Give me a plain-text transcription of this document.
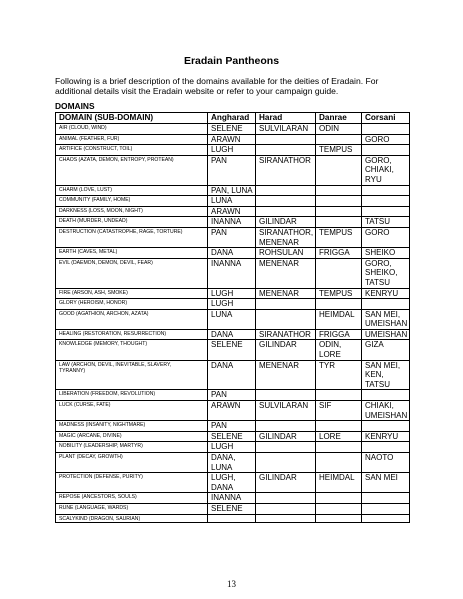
Eradain Pantheons
Following is a brief description of the domains available for the deities of Eradain. For
additional details visit the Eradain website or refer to your campaign guide.
DOMAINS
DOMAIN (SUB-DOMAIN)	Angharad	Harad	Danrae	Corsani
AIR (CLOUD, WIND)	SELENE	SULVILARAN	ODIN	
ANIMAL (FEATHER, FUR)	ARAWN			GORO
ARTIFICE (CONSTRUCT, TOIL)	LUGH		TEMPUS	
CHAOS (AZATA, DEMON, ENTROPY, PROTEAN)	PAN	SIRANATHOR		GORO,
CHIAKI,
RYU
CHARM (LOVE, LUST)	PAN, LUNA			
COMMUNITY (FAMILY, HOME)	LUNA			
DARKNESS (LOSS, MOON, NIGHT)	ARAWN			
DEATH (MURDER, UNDEAD)	INANNA	GILINDAR		TATSU
DESTRUCTION (CATASTROPHE, RAGE, TORTURE)	PAN	SIRANATHOR,
MENENAR	TEMPUS	GORO
EARTH (CAVES, METAL)	DANA	ROHSULAN	FRIGGA	SHEIKO
EVIL (DAEMON, DEMON, DEVIL, FEAR)	INANNA	MENENAR		GORO,
SHEIKO,
TATSU
FIRE (ARSON, ASH, SMOKE)	LUGH	MENENAR	TEMPUS	KENRYU
GLORY (HEROISM, HONOR)	LUGH			
GOOD (AGATHION, ARCHON, AZATA)	LUNA		HEIMDAL	SAN MEI,
UMEISHAN
HEALING (RESTORATION, RESURRECTION)	DANA	SIRANATHOR	FRIGGA	UMEISHAN
KNOWLEDGE (MEMORY, THOUGHT)	SELENE	GILINDAR	ODIN,
LORE	GIZA
LAW (ARCHON, DEVIL, INEVITABLE, SLAVERY,
TYRANNY)	DANA	MENENAR	TYR	SAN MEI,
KEN,
TATSU
LIBERATION (FREEDOM, REVOLUTION)	PAN			
LUCK (CURSE, FATE)	ARAWN	SULVILARAN	SIF	CHIAKI,
UMEISHAN
MADNESS (INSANITY, NIGHTMARE)	PAN			
MAGIC (ARCANE, DIVINE)	SELENE	GILINDAR	LORE	KENRYU
NOBILITY (LEADERSHIP, MARTYR)	LUGH			
PLANT (DECAY, GROWTH)	DANA,
LUNA			NAOTO
PROTECTION (DEFENSE, PURITY)	LUGH,
DANA	GILINDAR	HEIMDAL	SAN MEI
REPOSE (ANCESTORS, SOULS)	INANNA			
RUNE (LANGUAGE, WARDS)	SELENE			
SCALYKIND (DRAGON, SAURIAN)				
13
